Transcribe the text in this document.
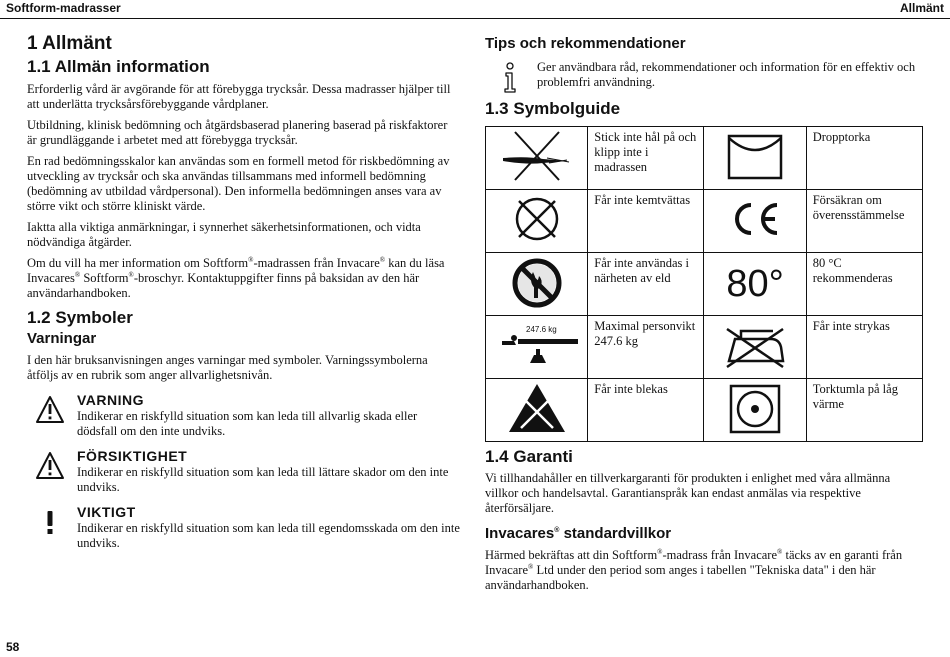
Softform-madrasser	Allmänt
1 Allmänt
1.1 Allmän information

Erforderlig vård är avgörande för att förebygga trycksår. Dessa madrasser hjälper till att underlätta trycksårsförebyggande vårdplaner.

Utbildning, klinisk bedömning och åtgärdsbaserad planering baserad på riskfaktorer är grundläggande i arbetet med att förebygga trycksår.

En rad bedömningsskalor kan användas som en formell metod för riskbedömning av utveckling av trycksår och ska användas tillsammans med informell bedömning (bedömning av utbildad vårdpersonal). Den informella bedömningen anses vara av större vikt och större kliniskt värde.

Iaktta alla viktiga anmärkningar, i synnerhet säkerhetsinformationen, och vidta nödvändiga åtgärder.

Om du vill ha mer information om Softform®-madrassen från Invacare® kan du läsa Invacares® Softform®-broschyr. Kontaktuppgifter finns på baksidan av den här användarhandboken.

1.2 Symboler
Varningar

I den här bruksanvisningen anges varningar med symboler. Varningssymbolerna åtföljs av en rubrik som anger allvarlighetsnivån.

VARNING

Indikerar en riskfylld situation som kan leda till allvarlig skada eller dödsfall om den inte undviks.

FÖRSIKTIGHET

Indikerar en riskfylld situation som kan leda till lättare skador om den inte undviks.

VIKTIGT

Indikerar en riskfylld situation som kan leda till egendomsskada om den inte undviks.

Tips och rekommendationer

Ger användbara råd, rekommendationer och information för en effektiv och problemfri användning.

1.3 Symbolguide
	Stick inte hål på och klipp inte i madrassen		Dropptorka
	Får inte kemtvättas		Försäkran om överensstämmelse
	Får inte användas i närheten av eld	80°	80 °C rekommenderas

247.6 kg	Maximal personvikt 247.6 kg		Får inte strykas
	Får inte blekas		Torktumla på låg värme
1.4 Garanti

Vi tillhandahåller en tillverkargaranti för produkten i enlighet med våra allmänna villkor och handelsavtal. Garantianspråk kan endast anmälas via respektive återförsäljare.

Invacares® standardvillkor

Härmed bekräftas att din Softform®-madrass från Invacare® täcks av en garanti från Invacare® Ltd under den period som anges i tabellen "Tekniska data" i den här användarhandboken.

58
